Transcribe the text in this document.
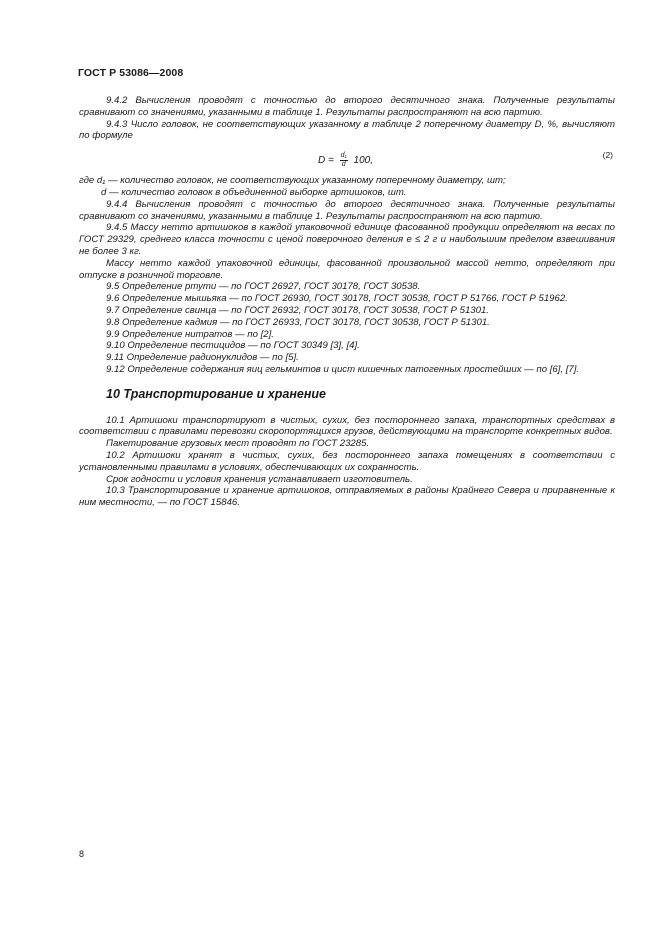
ГОСТ Р 53086—2008

9.4.2 Вычисления проводят с точностью до второго десятичного знака. Полученные результаты сравнивают со значениями, указанными в таблице 1. Результаты распространяют на всю партию.

9.4.3 Число головок, не соответствующих указанному в таблице 2 поперечному диаметру D, %, вычисляют по формуле

$D = \frac{\text{d₁}}{d} 100$,
(2)

где d₁ — количество головок, не соответствующих указанному поперечному диаметру, шт;

d — количество головок в объединенной выборке артишоков, шт.

9.4.4 Вычисления проводят с точностью до второго десятичного знака. Полученные результаты сравнивают со значениями, указанными в таблице 1. Результаты распространяют на всю партию.

9.4.5 Массу нетто артишоков в каждой упаковочной единице фасованной продукции определяют на весах по ГОСТ 29329, среднего класса точности с ценой поверочного деления е ≤ 2 г и наибольшим пределом взвешивания не более 3 кг.

Массу нетто каждой упаковочной единицы, фасованной произвольной массой нетто, определяют при отпуске в розничной торговле.

9.5 Определение ртути — по ГОСТ 26927, ГОСТ 30178, ГОСТ 30538.

9.6 Определение мышьяка — по ГОСТ 26930, ГОСТ 30178, ГОСТ 30538, ГОСТ Р 51766, ГОСТ Р 51962.

9.7 Определение свинца — по ГОСТ 26932, ГОСТ 30178, ГОСТ 30538, ГОСТ Р 51301.

9.8 Определение кадмия — по ГОСТ 26933, ГОСТ 30178, ГОСТ 30538, ГОСТ Р 51301.

9.9 Определение нитратов — по [2].

9.10 Определение пестицидов — по ГОСТ 30349 [3], [4].

9.11 Определение радионуклидов — по [5].

9.12 Определение содержания яиц гельминтов и цист кишечных патогенных простейших — по [6], [7].

10 Транспортирование и хранение

10.1 Артишоки транспортируют в чистых, сухих, без постороннего запаха, транспортных средствах в соответствии с правилами перевозки скоропортящихся грузов, действующими на транспорте конкретных видов.

Пакетирование грузовых мест проводят по ГОСТ 23285.

10.2 Артишоки хранят в чистых, сухих, без постороннего запаха помещениях в соответствии с установленными правилами в условиях, обеспечивающих их сохранность.

Срок годности и условия хранения устанавливает изготовитель.

10.3 Транспортирование и хранение артишоков, отправляемых в районы Крайнего Севера и приравненные к ним местности, — по ГОСТ 15846.

8
